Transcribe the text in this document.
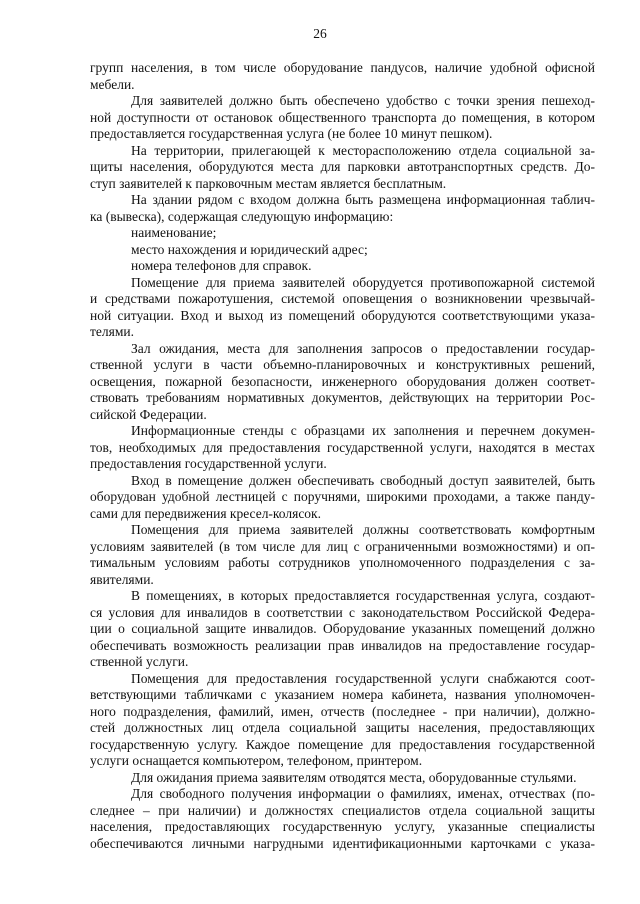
26
групп населения, в том числе оборудование пандусов, наличие удобной офисной
мебели.
Для заявителей должно быть обеспечено удобство с точки зрения пешеход-
ной доступности от остановок общественного транспорта до помещения, в котором
предоставляется государственная услуга (не более 10 минут пешком).
На территории, прилегающей к месторасположению отдела социальной за-
щиты населения, оборудуются места для парковки автотранспортных средств. До-
ступ заявителей к парковочным местам является бесплатным.
На здании рядом с входом должна быть размещена информационная таблич-
ка (вывеска), содержащая следующую информацию:
наименование;
место нахождения и юридический адрес;
номера телефонов для справок.
Помещение для приема заявителей оборудуется противопожарной системой
и средствами пожаротушения, системой оповещения о возникновении чрезвычай-
ной ситуации. Вход и выход из помещений оборудуются соответствующими указа-
телями.
Зал ожидания, места для заполнения запросов о предоставлении государ-
ственной услуги в части объемно-планировочных и конструктивных решений,
освещения, пожарной безопасности, инженерного оборудования должен соответ-
ствовать требованиям нормативных документов, действующих на территории Рос-
сийской Федерации.
Информационные стенды с образцами их заполнения и перечнем докумен-
тов, необходимых для предоставления государственной услуги, находятся в местах
предоставления государственной услуги.
Вход в помещение должен обеспечивать свободный доступ заявителей, быть
оборудован удобной лестницей с поручнями, широкими проходами, а также панду-
сами для передвижения кресел-колясок.
Помещения для приема заявителей должны соответствовать комфортным
условиям заявителей (в том числе для лиц с ограниченными возможностями) и оп-
тимальным условиям работы сотрудников уполномоченного подразделения с за-
явителями.
В помещениях, в которых предоставляется государственная услуга, создают-
ся условия для инвалидов в соответствии с законодательством Российской Федера-
ции о социальной защите инвалидов. Оборудование указанных помещений должно
обеспечивать возможность реализации прав инвалидов на предоставление государ-
ственной услуги.
Помещения для предоставления государственной услуги снабжаются соот-
ветствующими табличками с указанием номера кабинета, названия уполномочен-
ного подразделения, фамилий, имен, отчеств (последнее - при наличии), должно-
стей должностных лиц отдела социальной защиты населения, предоставляющих
государственную услугу. Каждое помещение для предоставления государственной
услуги оснащается компьютером, телефоном, принтером.
Для ожидания приема заявителям отводятся места, оборудованные стульями.
Для свободного получения информации о фамилиях, именах, отчествах (по-
следнее – при наличии) и должностях специалистов отдела социальной защиты
населения, предоставляющих государственную услугу, указанные специалисты
обеспечиваются личными нагрудными идентификационными карточками с указа-
